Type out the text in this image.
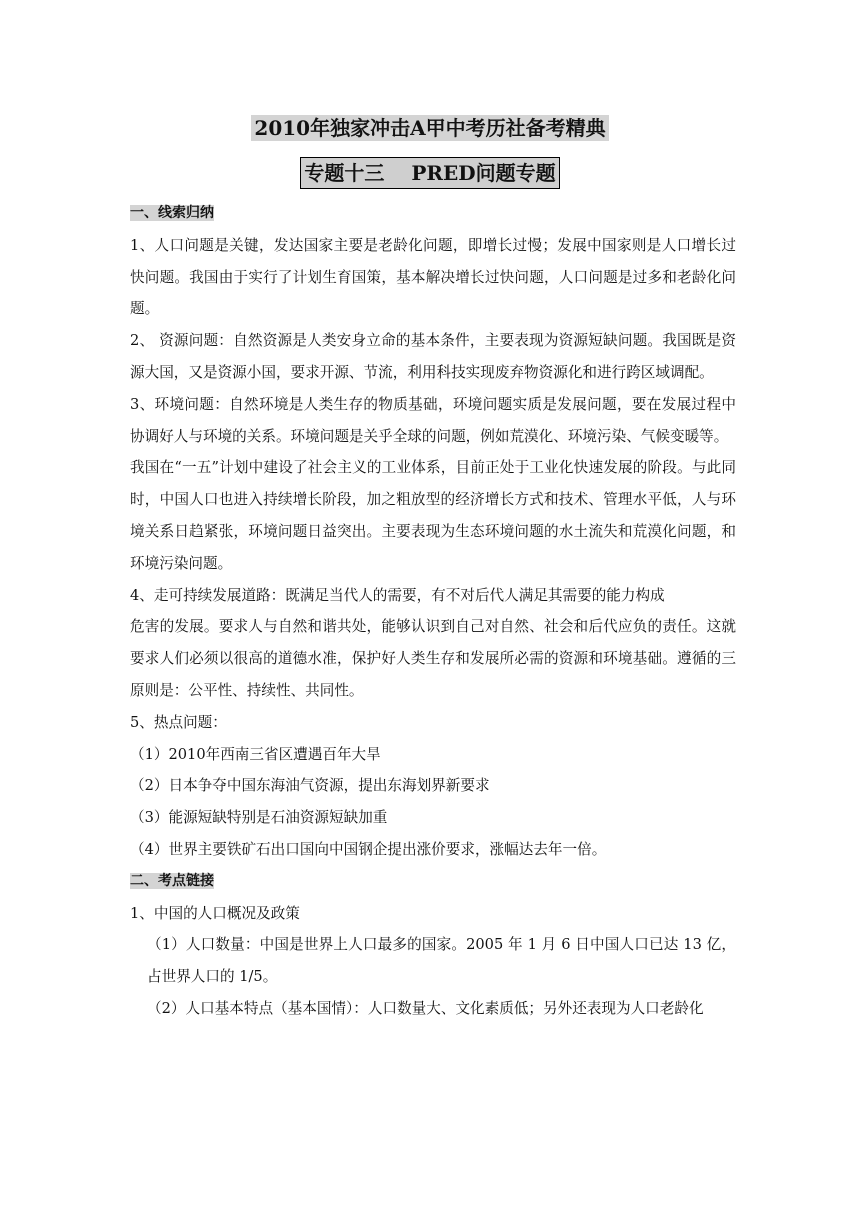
2010年独家冲击A甲中考历社备考精典
专题十三　 PRED问题专题

一、线索归纳

1、人口问题是关键，发达国家主要是老龄化问题，即增长过慢；发展中国家则是人口增长过快问题。我国由于实行了计划生育国策，基本解决增长过快问题，人口问题是过多和老龄化问题。

2、 资源问题：自然资源是人类安身立命的基本条件，主要表现为资源短缺问题。我国既是资源大国，又是资源小国，要求开源、节流，利用科技实现废弃物资源化和进行跨区域调配。

3、环境问题：自然环境是人类生存的物质基础，环境问题实质是发展问题，要在发展过程中协调好人与环境的关系。环境问题是关乎全球的问题，例如荒漠化、环境污染、气候变暖等。

我国在“一五”计划中建设了社会主义的工业体系，目前正处于工业化快速发展的阶段。与此同时，中国人口也进入持续增长阶段，加之粗放型的经济增长方式和技术、管理水平低，人与环境关系日趋紧张，环境问题日益突出。主要表现为生态环境问题的水土流失和荒漠化问题，和环境污染问题。

4、走可持续发展道路：既满足当代人的需要，有不对后代人满足其需要的能力构成

危害的发展。要求人与自然和谐共处，能够认识到自己对自然、社会和后代应负的责任。这就要求人们必须以很高的道德水准，保护好人类生存和发展所必需的资源和环境基础。遵循的三原则是：公平性、持续性、共同性。

5、热点问题：

（1）2010年西南三省区遭遇百年大旱

（2）日本争夺中国东海油气资源，提出东海划界新要求

（3）能源短缺特别是石油资源短缺加重

（4）世界主要铁矿石出口国向中国钢企提出涨价要求，涨幅达去年一倍。

二、考点链接

1、中国的人口概况及政策

（1）人口数量：中国是世界上人口最多的国家。2005 年 1 月 6 日中国人口已达 13 亿，占世界人口的 1/5。

（2）人口基本特点（基本国情）：人口数量大、文化素质低；另外还表现为人口老龄化
